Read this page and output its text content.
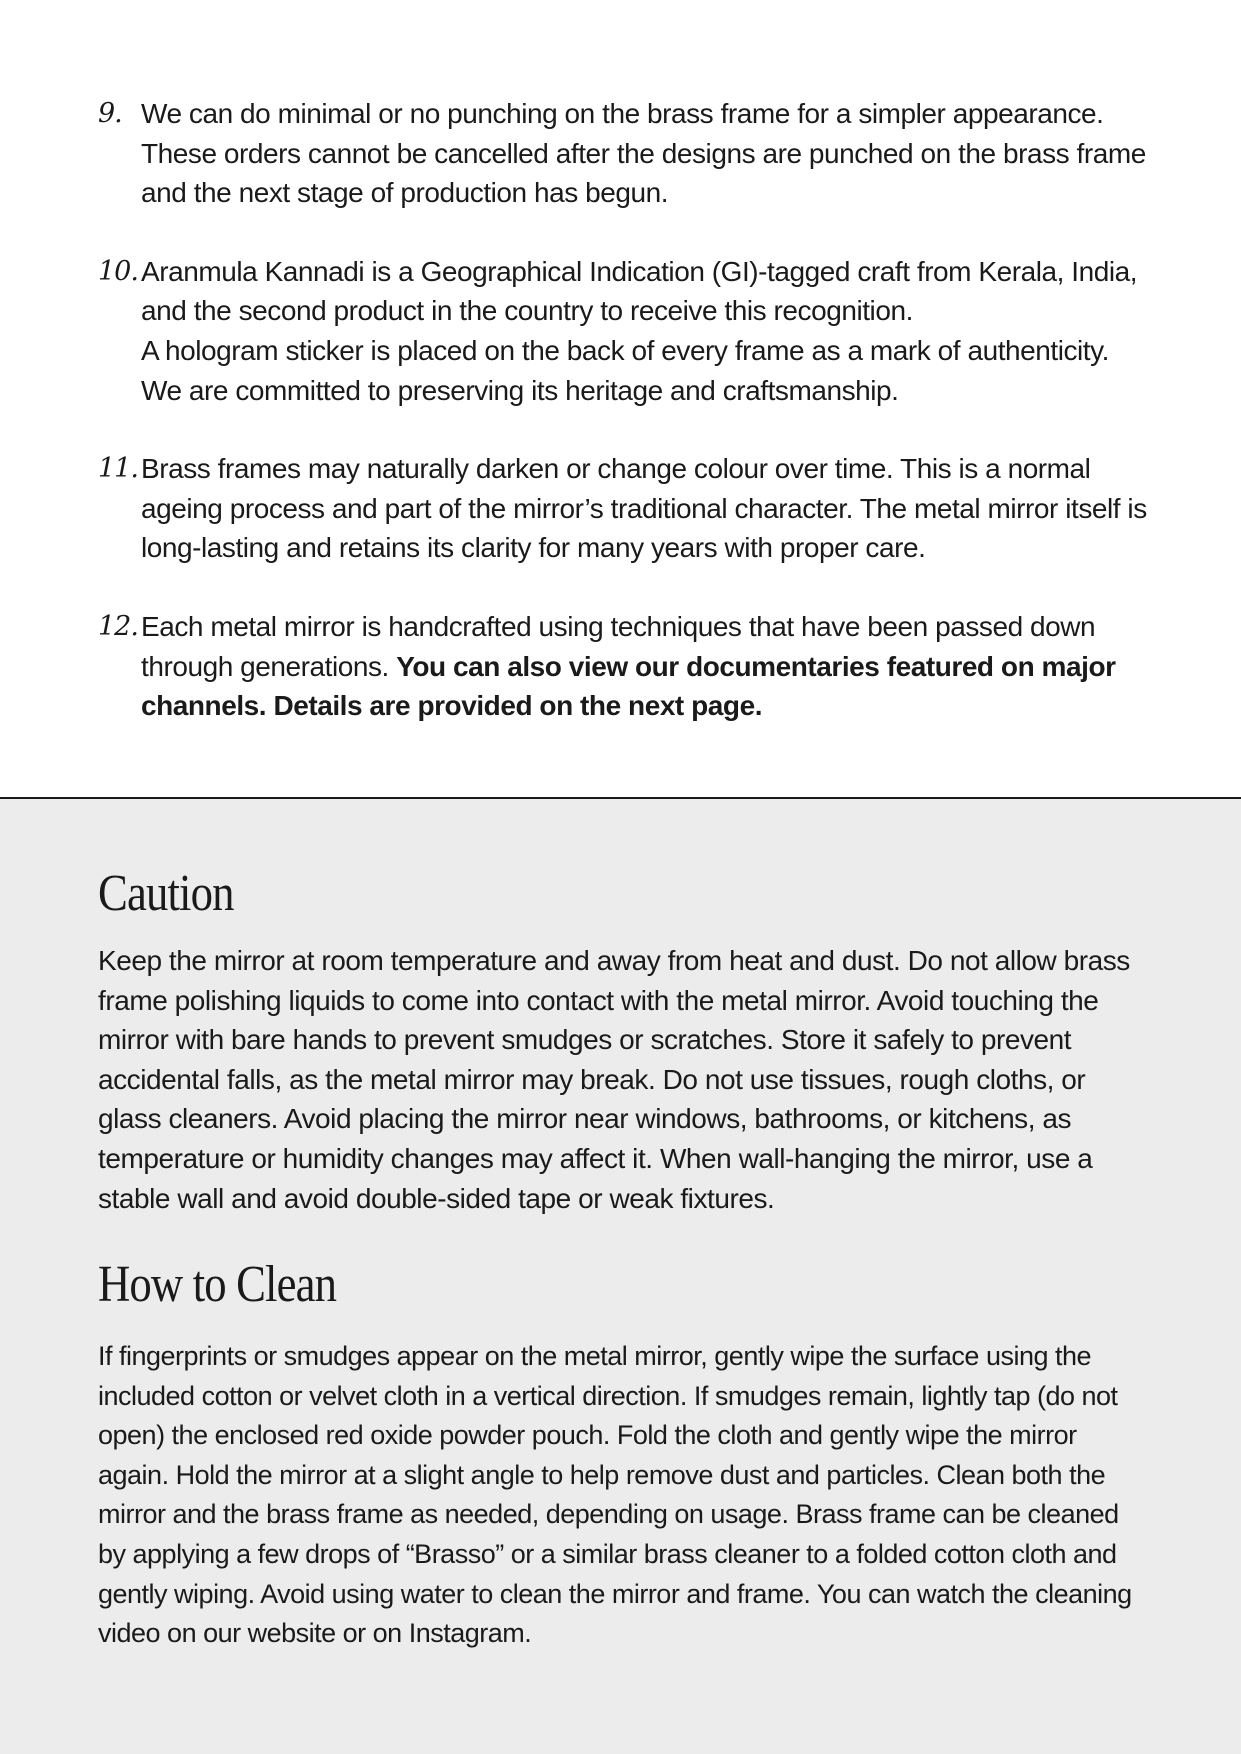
9. We can do minimal or no punching on the brass frame for a simpler appearance. These orders cannot be cancelled after the designs are punched on the brass frame and the next stage of production has begun.
10. Aranmula Kannadi is a Geographical Indication (GI)-tagged craft from Kerala, India, and the second product in the country to receive this recognition.
A hologram sticker is placed on the back of every frame as a mark of authenticity. We are committed to preserving its heritage and craftsmanship.
11. Brass frames may naturally darken or change colour over time. This is a normal ageing process and part of the mirror’s traditional character. The metal mirror itself is long-lasting and retains its clarity for many years with proper care.
12. Each metal mirror is handcrafted using techniques that have been passed down through generations. You can also view our documentaries featured on major channels. Details are provided on the next page.
Caution

Keep the mirror at room temperature and away from heat and dust. Do not allow brass frame polishing liquids to come into contact with the metal mirror. Avoid touching the mirror with bare hands to prevent smudges or scratches. Store it safely to prevent accidental falls, as the metal mirror may break. Do not use tissues, rough cloths, or glass cleaners. Avoid placing the mirror near windows, bathrooms, or kitchens, as temperature or humidity changes may affect it. When wall-hanging the mirror, use a stable wall and avoid double-sided tape or weak fixtures.

How to Clean

If fingerprints or smudges appear on the metal mirror, gently wipe the surface using the included cotton or velvet cloth in a vertical direction. If smudges remain, lightly tap (do not open) the enclosed red oxide powder pouch. Fold the cloth and gently wipe the mirror again. Hold the mirror at a slight angle to help remove dust and particles. Clean both the mirror and the brass frame as needed, depending on usage. Brass frame can be cleaned by applying a few drops of “Brasso” or a similar brass cleaner to a folded cotton cloth and gently wiping. Avoid using water to clean the mirror and frame. You can watch the cleaning video on our website or on Instagram.
